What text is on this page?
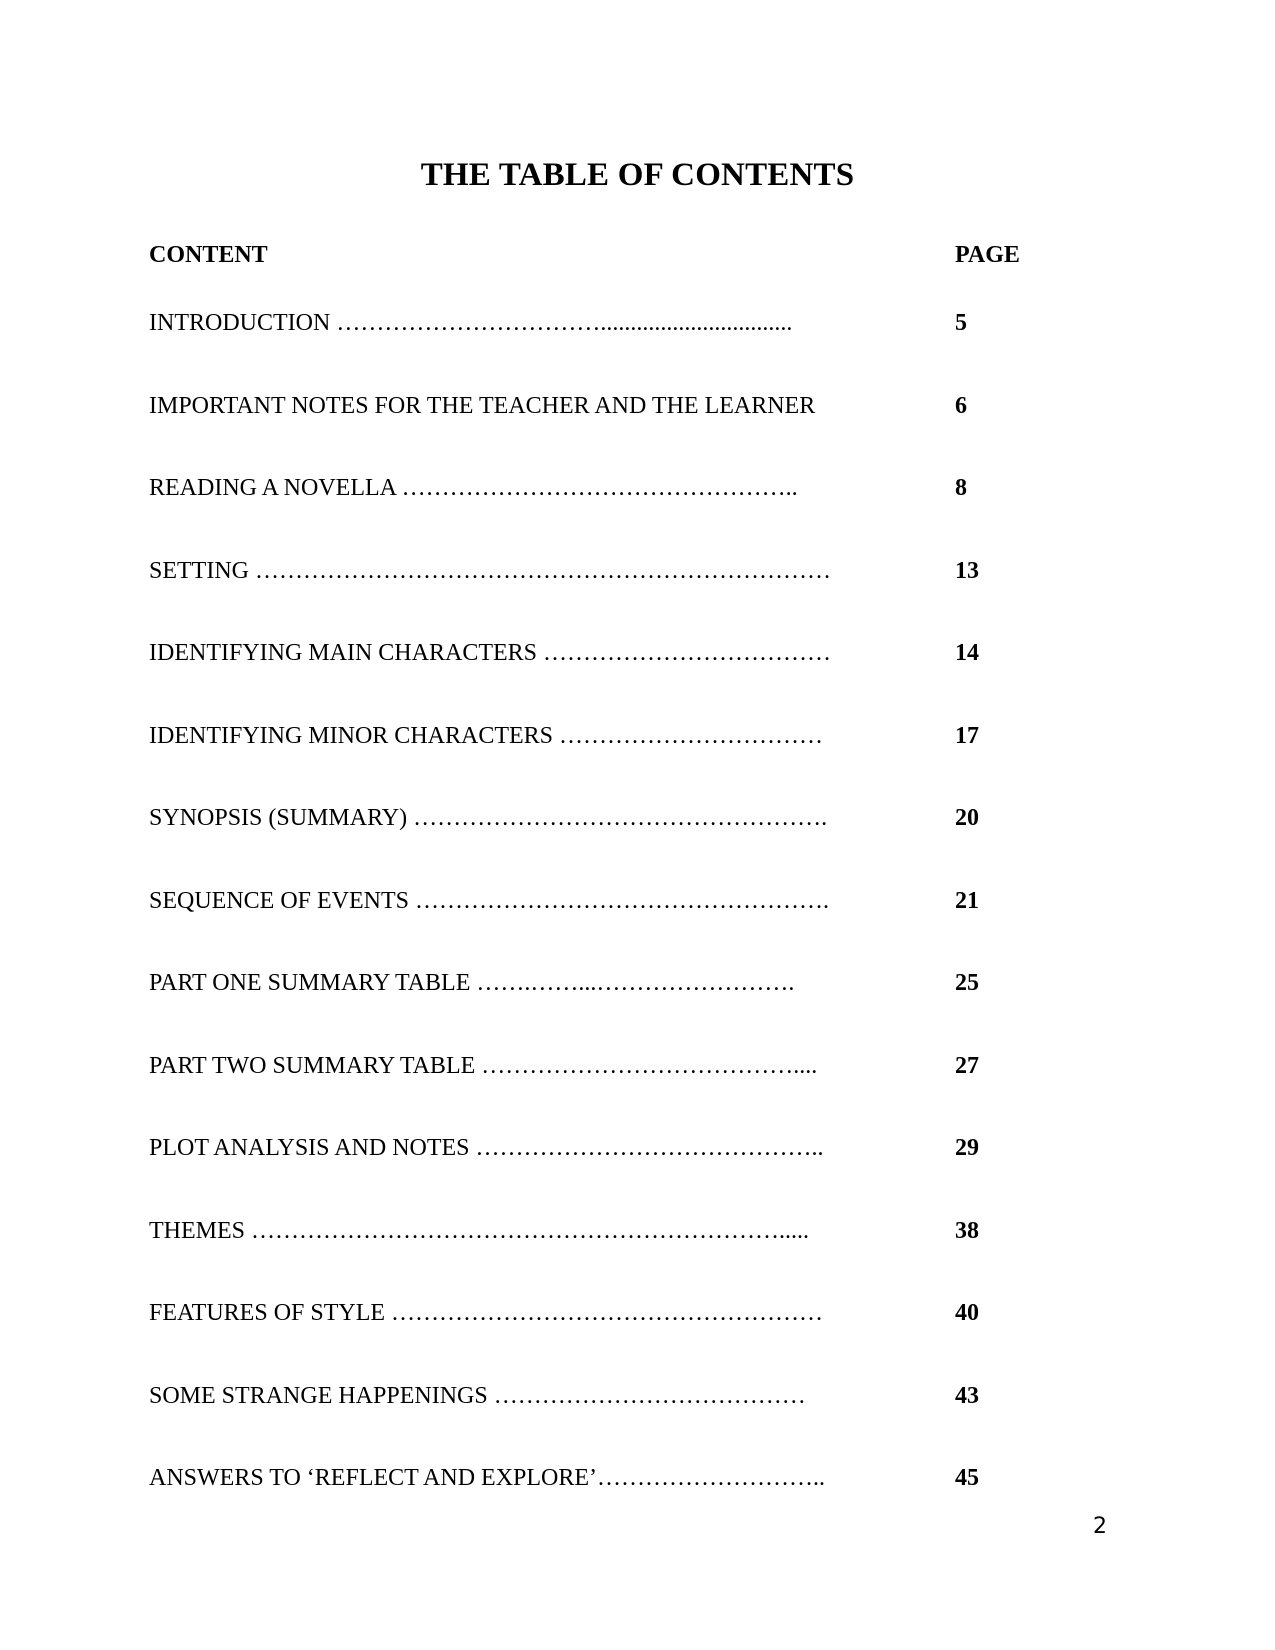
THE TABLE OF CONTENTS
CONTENT	PAGE
INTRODUCTION ……………………………................................	5
IMPORTANT NOTES FOR THE TEACHER AND THE LEARNER	6
READING A NOVELLA …………………………………………..	8
SETTING ………………………………………………………………	13
IDENTIFYING MAIN CHARACTERS ………………………………	14
IDENTIFYING MINOR CHARACTERS ……………………………	17
SYNOPSIS (SUMMARY) …………………………………………….	20
SEQUENCE OF EVENTS …………………………………………….	21
PART ONE SUMMARY TABLE …….……...…………………….	25
PART TWO SUMMARY TABLE …………………………………....	27
PLOT ANALYSIS AND NOTES ……………………………………..	29
THEMES ………………………………………………………….....	38
FEATURES OF STYLE ………………………………………………	40
SOME STRANGE HAPPENINGS …………………………………	43
ANSWERS TO ‘REFLECT AND EXPLORE’………………………..	45
2
